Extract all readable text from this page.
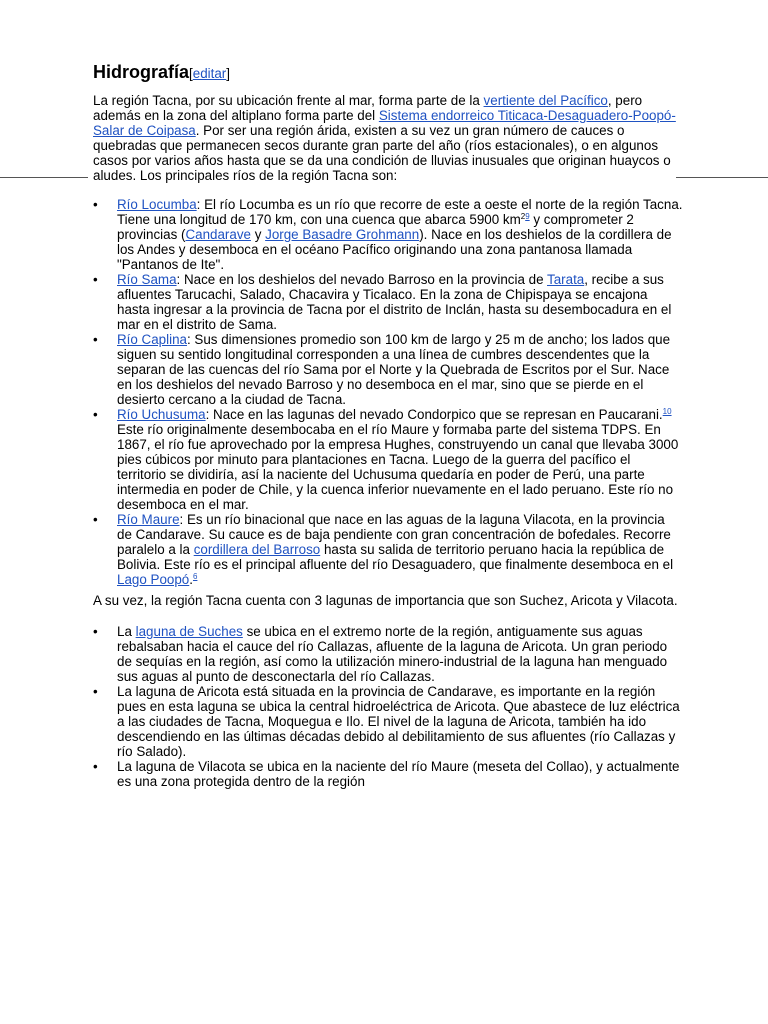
Hidrografía[editar]

La región Tacna, por su ubicación frente al mar, forma parte de la vertiente del Pacífico, pero además en la zona del altiplano forma parte del Sistema endorreico Titicaca-Desaguadero-Poopó-Salar de Coipasa. Por ser una región árida, existen a su vez un gran número de cauces o quebradas que permanecen secos durante gran parte del año (ríos estacionales), o en algunos casos por varios años hasta que se da una condición de lluvias inusuales que originan huaycos o aludes. Los principales ríos de la región Tacna son:

• Río Locumba: El río Locumba es un río que recorre de este a oeste el norte de la región Tacna. Tiene una longitud de 170 km, con una cuenca que abarca 5900 km$^{29}$ y comprometer 2 provincias (Candarave y Jorge Basadre Grohmann). Nace en los deshielos de la cordillera de los Andes y desemboca en el océano Pacífico originando una zona pantanosa llamada "Pantanos de Ite".
• Río Sama: Nace en los deshielos del nevado Barroso en la provincia de Tarata, recibe a sus afluentes Tarucachi, Salado, Chacavira y Ticalaco. En la zona de Chipispaya se encajona hasta ingresar a la provincia de Tacna por el distrito de Inclán, hasta su desembocadura en el mar en el distrito de Sama.
• Río Caplina: Sus dimensiones promedio son 100 km de largo y 25 m de ancho; los lados que siguen su sentido longitudinal corresponden a una línea de cumbres descendentes que la separan de las cuencas del río Sama por el Norte y la Quebrada de Escritos por el Sur. Nace en los deshielos del nevado Barroso y no desemboca en el mar, sino que se pierde en el desierto cercano a la ciudad de Tacna.
• Río Uchusuma: Nace en las lagunas del nevado Condorpico que se represan en Paucarani.$^{10}$ Este río originalmente desembocaba en el río Maure y formaba parte del sistema TDPS. En 1867, el río fue aprovechado por la empresa Hughes, construyendo un canal que llevaba 3000 pies cúbicos por minuto para plantaciones en Tacna. Luego de la guerra del pacífico el territorio se dividiría, así la naciente del Uchusuma quedaría en poder de Perú, una parte intermedia en poder de Chile, y la cuenca inferior nuevamente en el lado peruano. Este río no desemboca en el mar.
• Río Maure: Es un río binacional que nace en las aguas de la laguna Vilacota, en la provincia de Candarave. Su cauce es de baja pendiente con gran concentración de bofedales. Recorre paralelo a la cordillera del Barroso hasta su salida de territorio peruano hacia la república de Bolivia. Este río es el principal afluente del río Desaguadero, que finalmente desemboca en el Lago Poopó.$^6$

A su vez, la región Tacna cuenta con 3 lagunas de importancia que son Suchez, Aricota y Vilacota.

• La laguna de Suches se ubica en el extremo norte de la región, antiguamente sus aguas rebalsaban hacia el cauce del río Callazas, afluente de la laguna de Aricota. Un gran periodo de sequías en la región, así como la utilización minero-industrial de la laguna han menguado sus aguas al punto de desconectarla del río Callazas.
• La laguna de Aricota está situada en la provincia de Candarave, es importante en la región pues en esta laguna se ubica la central hidroeléctrica de Aricota. Que abastece de luz eléctrica a las ciudades de Tacna, Moquegua e Ilo. El nivel de la laguna de Aricota, también ha ido descendiendo en las últimas décadas debido al debilitamiento de sus afluentes (río Callazas y río Salado).
• La laguna de Vilacota se ubica en la naciente del río Maure (meseta del Collao), y actualmente es una zona protegida dentro de la región
